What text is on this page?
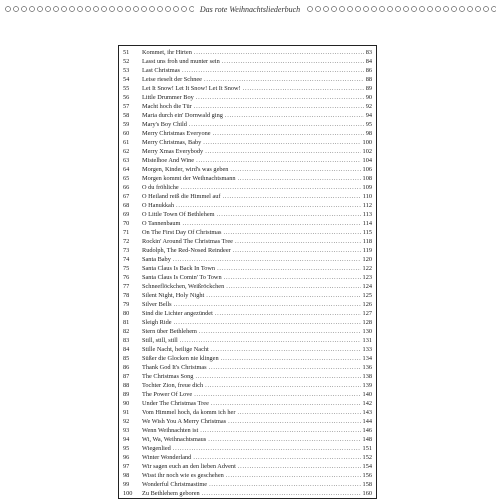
Das rote Weihnachtsliederbuch
51	Kommet, ihr Hirten . . .	83
52	Lasst uns froh und munter sein . . .	84
53	Last Christmas . . .	86
54	Leise rieselt der Schnee . . .	88
55	Let It Snow! Let It Snow! Let It Snow! . . .	89
56	Little Drummer Boy . . .	90
57	Macht hoch die Tür . . .	92
58	Maria durch ein' Dornwald ging . . .	94
59	Mary's Boy Child . . .	95
60	Merry Christmas Everyone . . .	98
61	Merry Christmas, Baby . . .	100
62	Merry Xmas Everybody . . .	102
63	Mistelhoe And Wine . . .	104
64	Morgen, Kinder, wird's was geben . . .	106
65	Morgen kommt der Weihnachtsmann . . .	108
66	O du fröhliche . . .	109
67	O Heiland reiß die Himmel auf . . .	110
68	O Hanukkah . . .	112
69	O Little Town Of Bethlehem . . .	113
70	O Tannenbaum . . .	114
71	On The First Day Of Christmas . . .	115
72	Rockin' Around The Christmas Tree . . .	118
73	Rudolph, The Red-Nosed Reindeer . . .	119
74	Santa Baby . . .	120
75	Santa Claus Is Back In Town . . .	122
76	Santa Claus Is Comin' To Town . . .	123
77	Schneeflöckchen, Weißröckchen . . .	124
78	Silent Night, Holy Night . . .	125
79	Silver Bells . . .	126
80	Sind die Lichter angezündet . . .	127
81	Sleigh Ride . . .	128
82	Stern über Bethlehem . . .	130
83	Still, still, still . . .	131
84	Stille Nacht, heilige Nacht . . .	133
85	Süßer die Glocken nie klingen . . .	134
86	Thank God It's Christmas . . .	136
87	The Christmas Song . . .	138
88	Tochter Zion, freue dich . . .	139
89	The Power Of Love . . .	140
90	Under The Christmas Tree . . .	142
91	Vom Himmel hoch, da komm ich her . . .	143
92	We Wish You A Merry Christmas . . .	144
93	Wenn Weihnachten ist . . .	146
94	Wi, Wa, Weihnachtsmaus . . .	148
95	Wiegenlied . . .	151
96	Winter Wonderland . . .	152
97	Wir sagen euch an den lieben Advent . . .	154
98	Wisst ihr noch wie es geschehen . . .	156
99	Wonderful Christmastime . . .	158
100	Zu Bethlehem geboren . . .	160
